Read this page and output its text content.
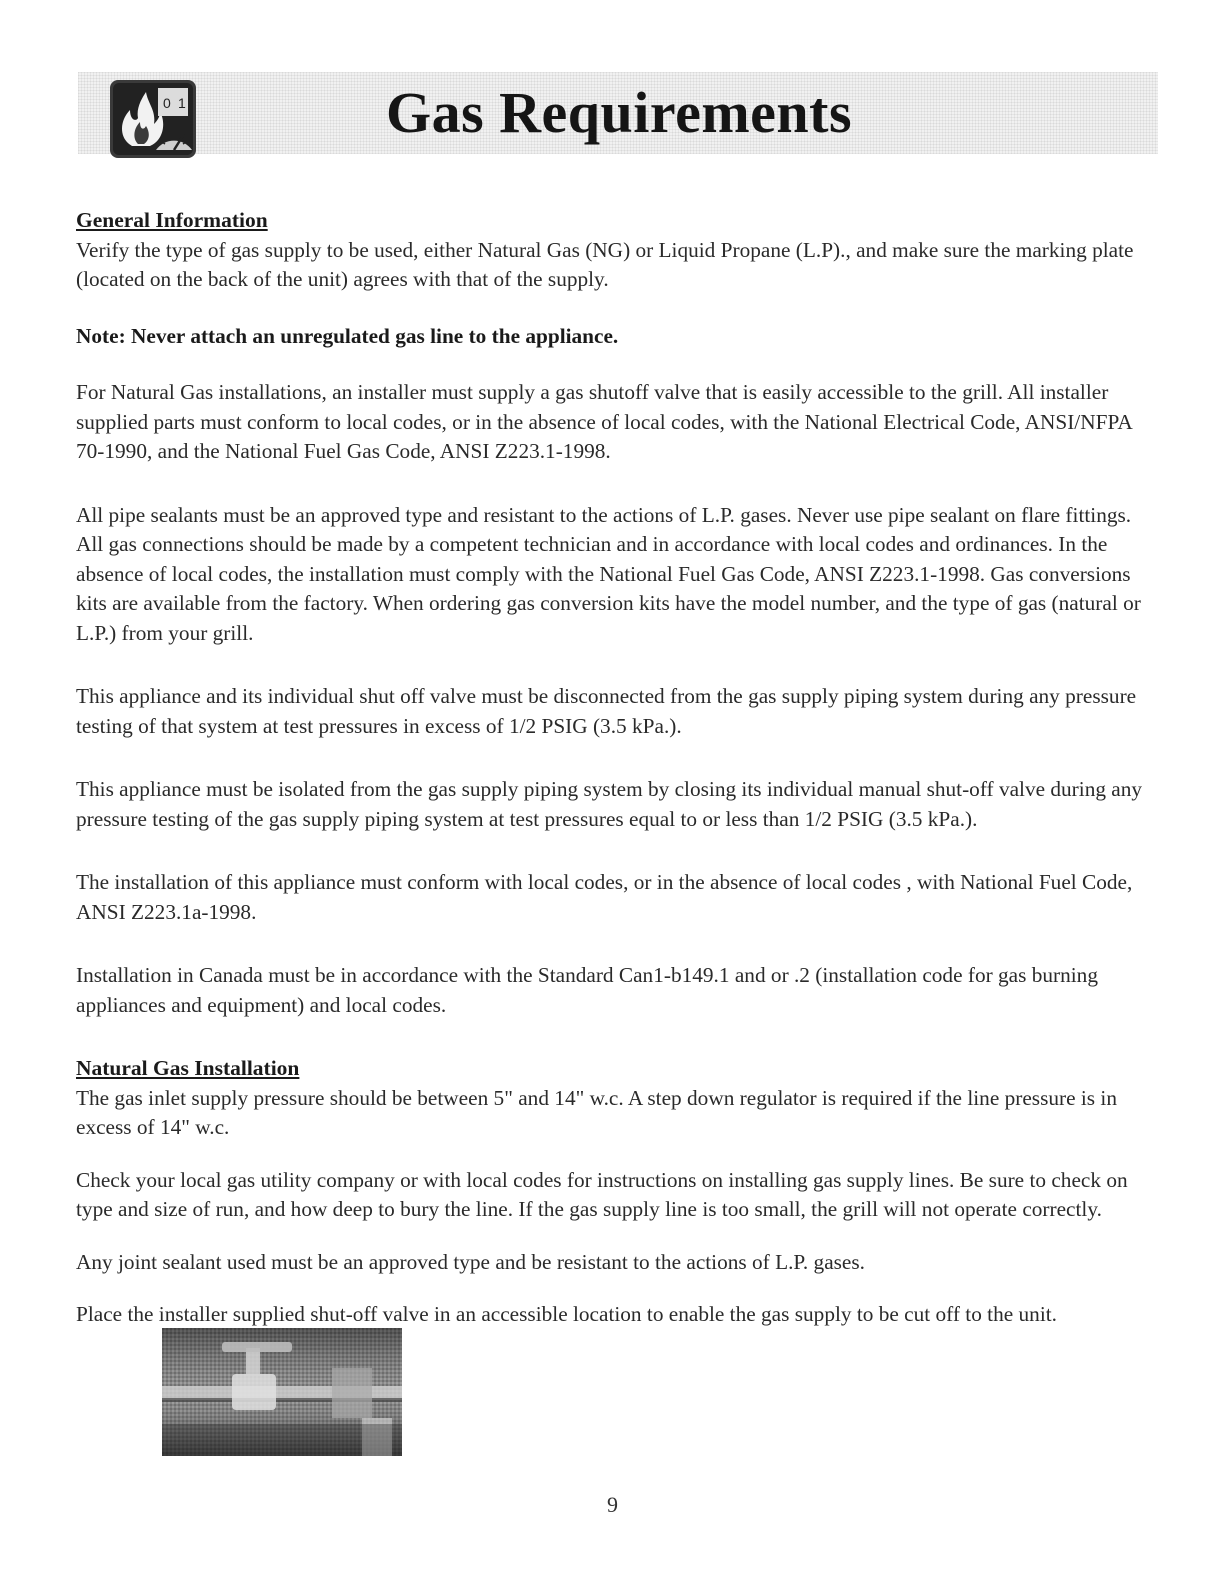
0 1	Gas Requirements

General Information

Verify the type of gas supply to be used, either Natural Gas (NG) or Liquid Propane (L.P)., and make sure the marking plate (located on the back of the unit) agrees with that of the supply.

Note: Never attach an unregulated gas line to the appliance.

For Natural Gas installations, an installer must supply a gas shutoff valve that is easily accessible to the grill. All installer supplied parts must conform to local codes, or in the absence of local codes, with the National Electrical Code, ANSI/NFPA 70-1990, and the National Fuel Gas Code, ANSI Z223.1-1998.

All pipe sealants must be an approved type and resistant to the actions of L.P. gases. Never use pipe sealant on flare fittings. All gas connections should be made by a competent technician and in accordance with local codes and ordinances. In the absence of local codes, the installation must comply with the National Fuel Gas Code, ANSI Z223.1-1998. Gas conversions kits are available from the factory. When ordering gas conversion kits have the model number, and the type of gas (natural or L.P.) from your grill.

This appliance and its individual shut off valve must be disconnected from the gas supply piping system during any pressure testing of that system at test pressures in excess of 1/2 PSIG (3.5 kPa.).

This appliance must be isolated from the gas supply piping system by closing its individual manual shut-off valve during any pressure testing of the gas supply piping system at test pressures equal to or less than 1/2 PSIG (3.5 kPa.).

The installation of this appliance must conform with local codes, or in the absence of local codes , with National Fuel Code, ANSI Z223.1a-1998.

Installation in Canada must be in accordance with the Standard Can1-b149.1 and or .2 (installation code for gas burning appliances and equipment) and local codes.

Natural Gas Installation

The gas inlet supply pressure should be between 5" and 14" w.c. A step down regulator is required if the line pressure is in excess of 14" w.c.

Check your local gas utility company or with local codes for instructions on installing gas supply lines. Be sure to check on type and size of run, and how deep to bury the line. If the gas supply line is too small, the grill will not operate correctly.

Any joint sealant used must be an approved type and be resistant to the actions of L.P. gases.

Place the installer supplied shut-off valve in an accessible location to enable the gas supply to be cut off to the unit.

9
